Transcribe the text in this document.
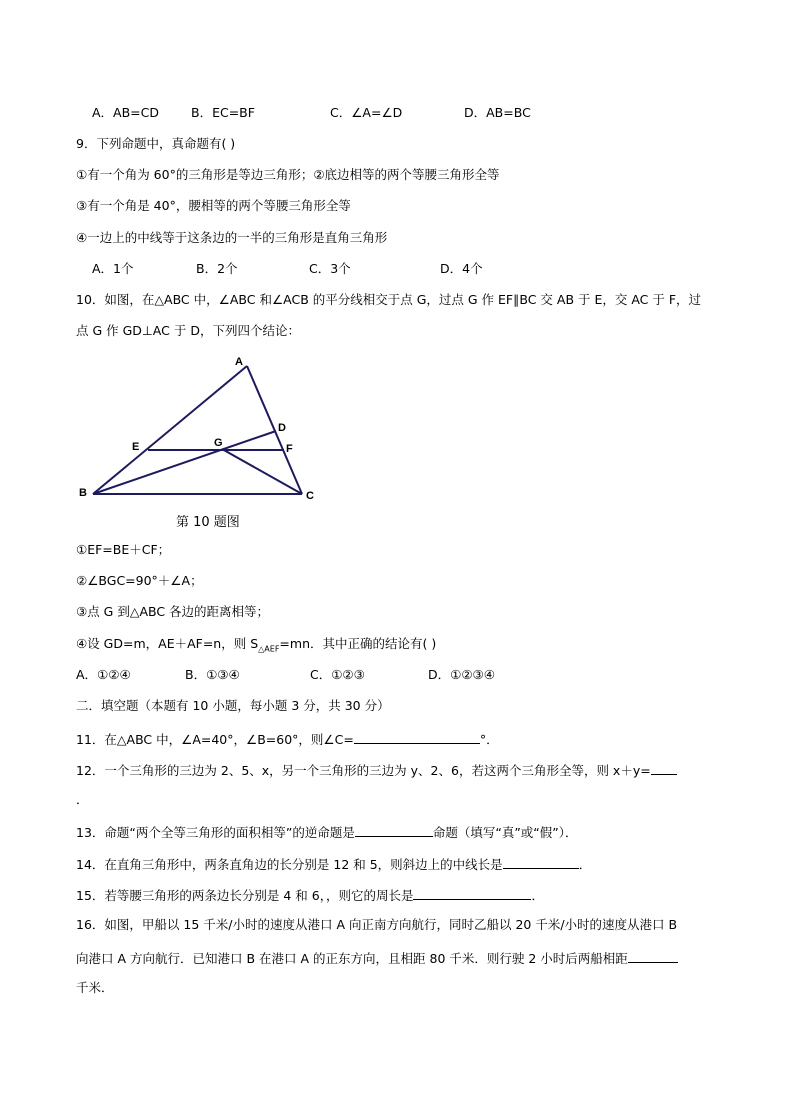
A．AB=CD	B．EC=BF	C．∠A=∠D	D．AB=BC
9．下列命题中，真命题有( )
①有一个角为 60°的三角形是等边三角形；②底边相等的两个等腰三角形全等
③有一个角是 40°，腰相等的两个等腰三角形全等
④一边上的中线等于这条边的一半的三角形是直角三角形
A．1个	B．2个	C．3个	D．4个
10．如图，在△ABC 中，∠ABC 和∠ACB 的平分线相交于点 G，过点 G 作 EF∥BC 交 AB 于 E，交 AC 于 F，过
点 G 作 GD⊥AC 于 D，下列四个结论：
A
B	C
D
E	F
G
第 10 题图
①EF=BE＋CF；
②∠BGC=90°＋∠A；
③点 G 到△ABC 各边的距离相等；
④设 GD=m，AE＋AF=n，则 $S_{\triangle AEF}=mn$．其中正确的结论有( )
A．①②④	B．①③④	C．①②③	D．①②③④
二．填空题（本题有 10 小题，每小题 3 分，共 30 分）
11．在△ABC 中，∠A=40°，∠B=60°，则∠C=	°．
12．一个三角形的三边为 2、5、x，另一个三角形的三边为 y、2、6，若这两个三角形全等，则 x＋y=
．
13．命题“两个全等三角形的面积相等”的逆命题是	命题（填写“真”或“假”）．
14．在直角三角形中，两条直角边的长分别是 12 和 5，则斜边上的中线长是	．
15．若等腰三角形的两条边长分别是 4 和 6，，则它的周长是	．
16．如图，甲船以 15 千米/小时的速度从港口 A 向正南方向航行，同时乙船以 20 千米/小时的速度从港口 B
向港口 A 方向航行．已知港口 B 在港口 A 的正东方向，且相距 80 千米．则行驶 2 小时后两船相距
千米．
